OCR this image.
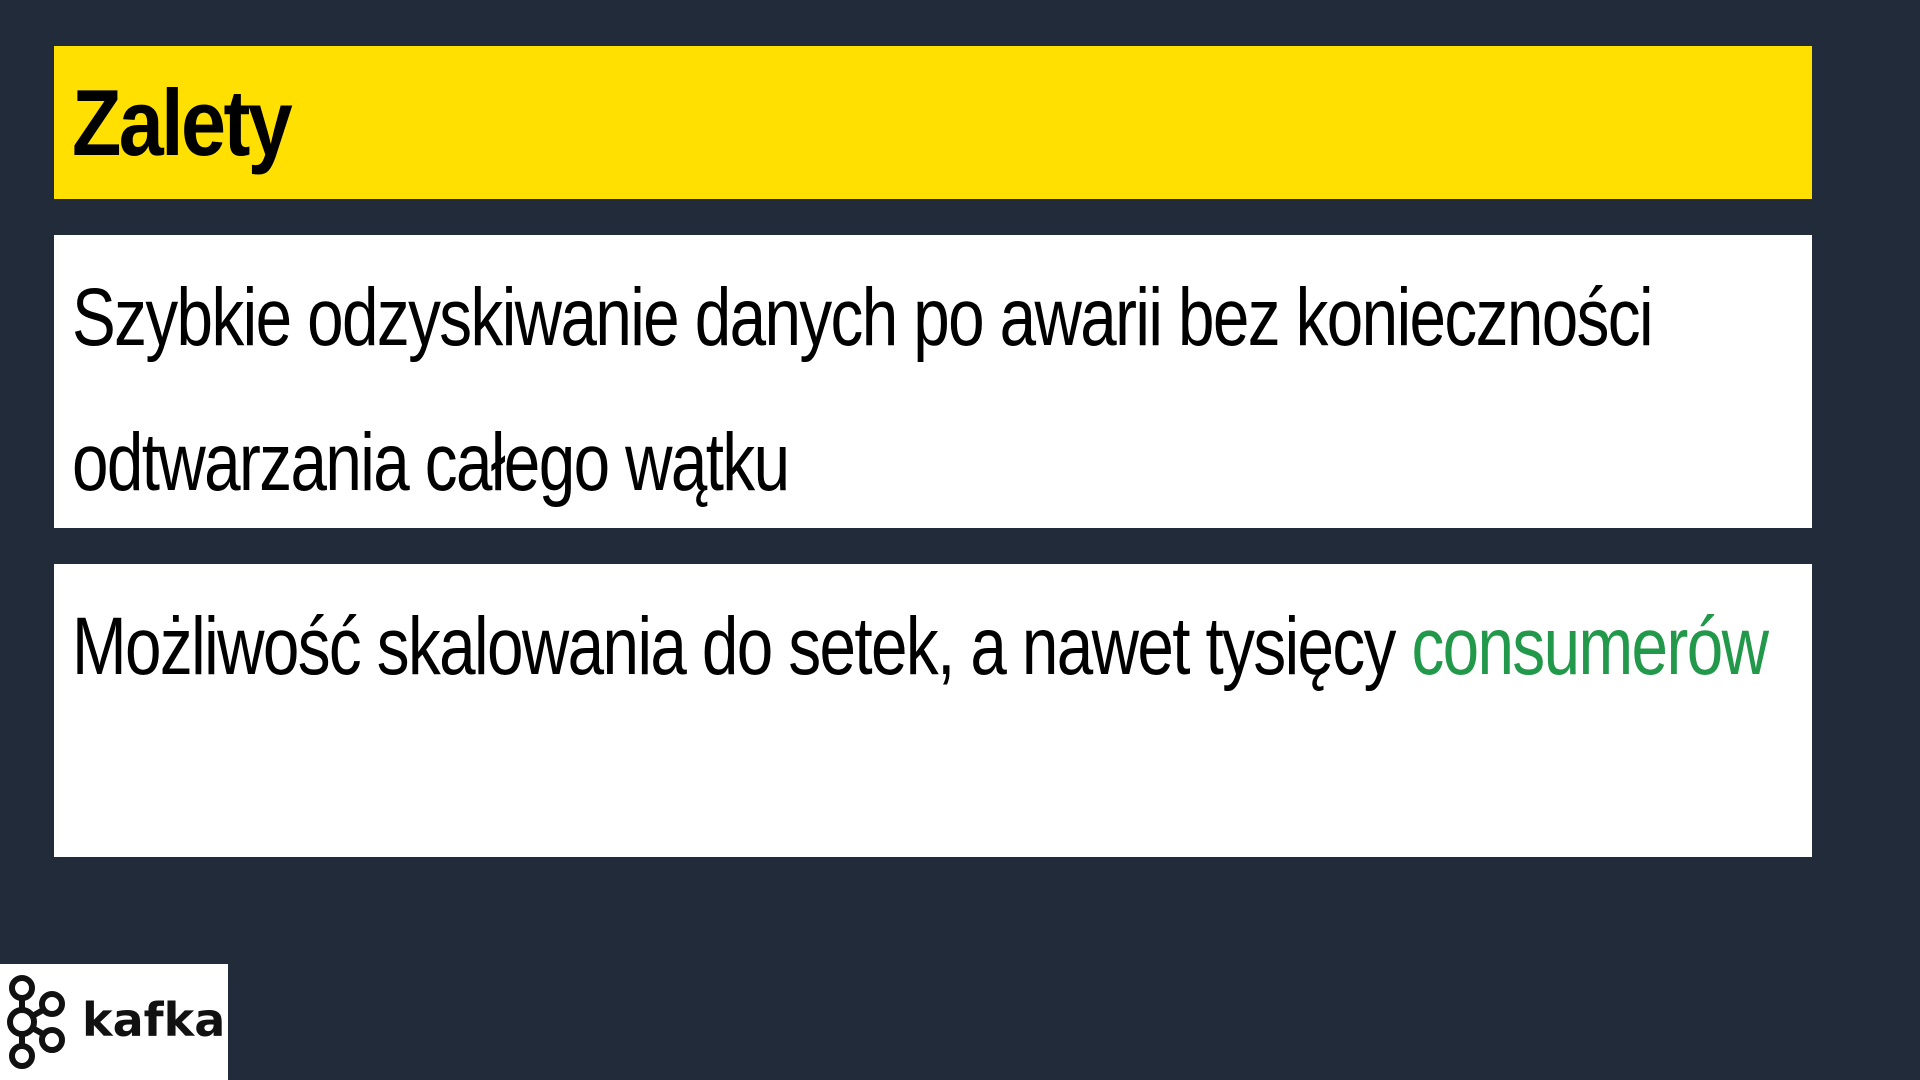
Zalety

Szybkie odzyskiwanie danych po awarii bez konieczności odtwarzania całego wątku

Możliwość skalowania do setek, a nawet tysięcy consumerów

kafka
